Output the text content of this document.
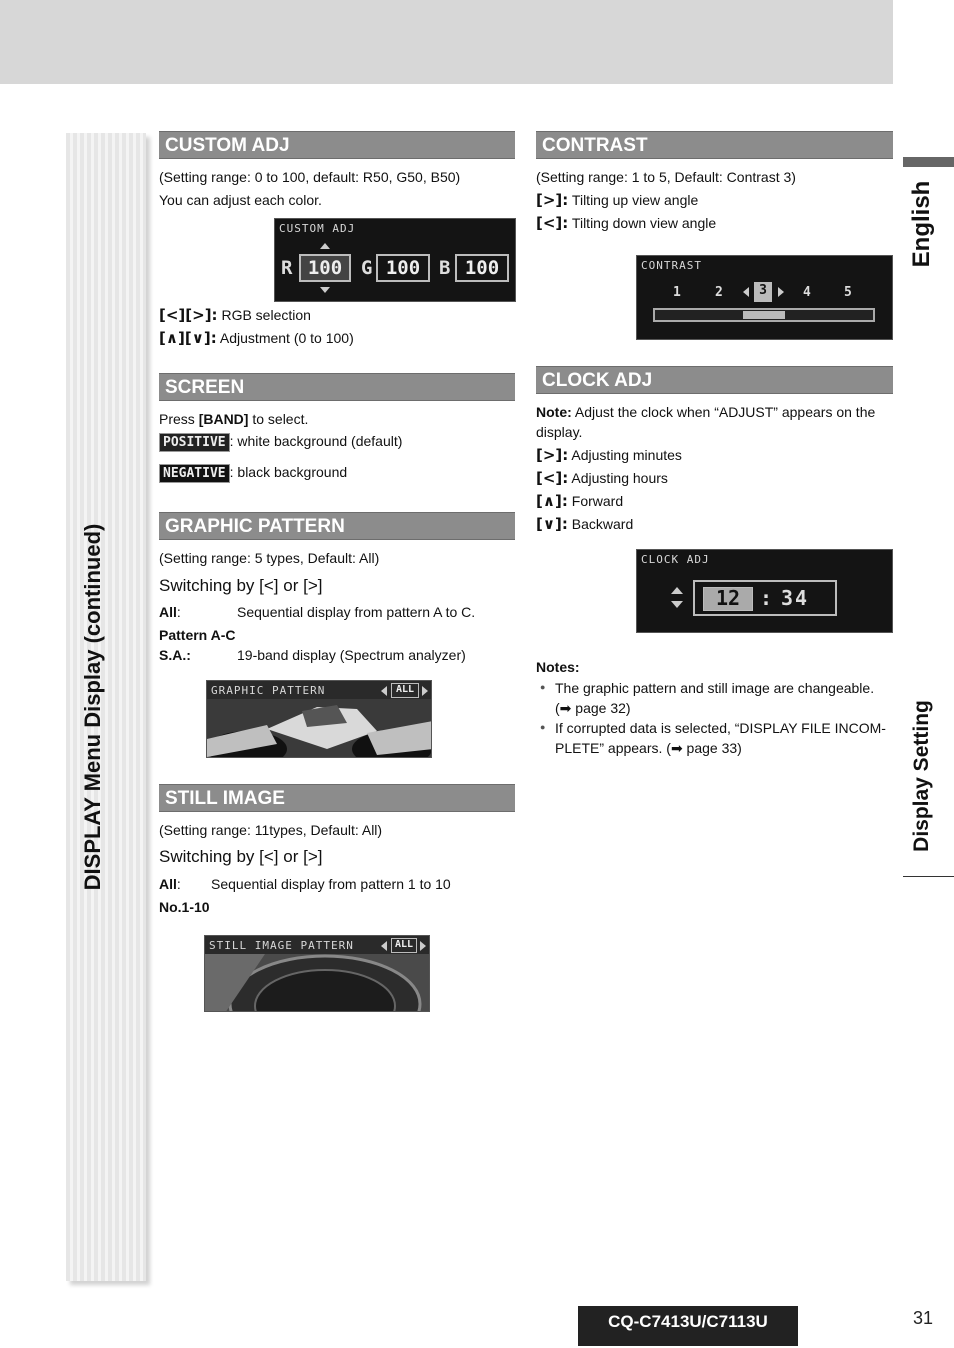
DISPLAY Menu Display (continued)
CUSTOM ADJ
(Setting range: 0 to 100, default: R50, G50, B50)
You can adjust each color.
CUSTOM ADJ
R 100 G 100 B 100
[<][>]: RGB selection
[∧][∨]: Adjustment (0 to 100)
SCREEN
Press [BAND] to select.
POSITIVE : white background (default)
NEGATIVE : black background
GRAPHIC PATTERN
(Setting range: 5 types, Default: All)
Switching by [<] or [>]
All:	Sequential display from pattern A to C.
Pattern A-C
S.A.:	19-band display (Spectrum analyzer)
GRAPHIC PATTERN	ALL
STILL IMAGE
(Setting range: 11types, Default: All)
Switching by [<] or [>]
All: Sequential display from pattern 1 to 10
No.1-10
STILL IMAGE PATTERN	ALL
CONTRAST
(Setting range: 1 to 5, Default: Contrast 3)
[>]: Tilting up view angle
[<]: Tilting down view angle
CONTRAST
1	2	3	4	5
CLOCK ADJ
Note: Adjust the clock when “ADJUST” appears on the
display.
[>]: Adjusting minutes
[<]: Adjusting hours
[∧]: Forward
[∨]: Backward
CLOCK ADJ
12 : 34
Notes:
● The graphic pattern and still image are changeable.
(➡ page 32)
● If corrupted data is selected, “DISPLAY FILE INCOM-
PLETE” appears. (➡ page 33)
English
Display Setting
CQ-C7413U/C7113U	31
